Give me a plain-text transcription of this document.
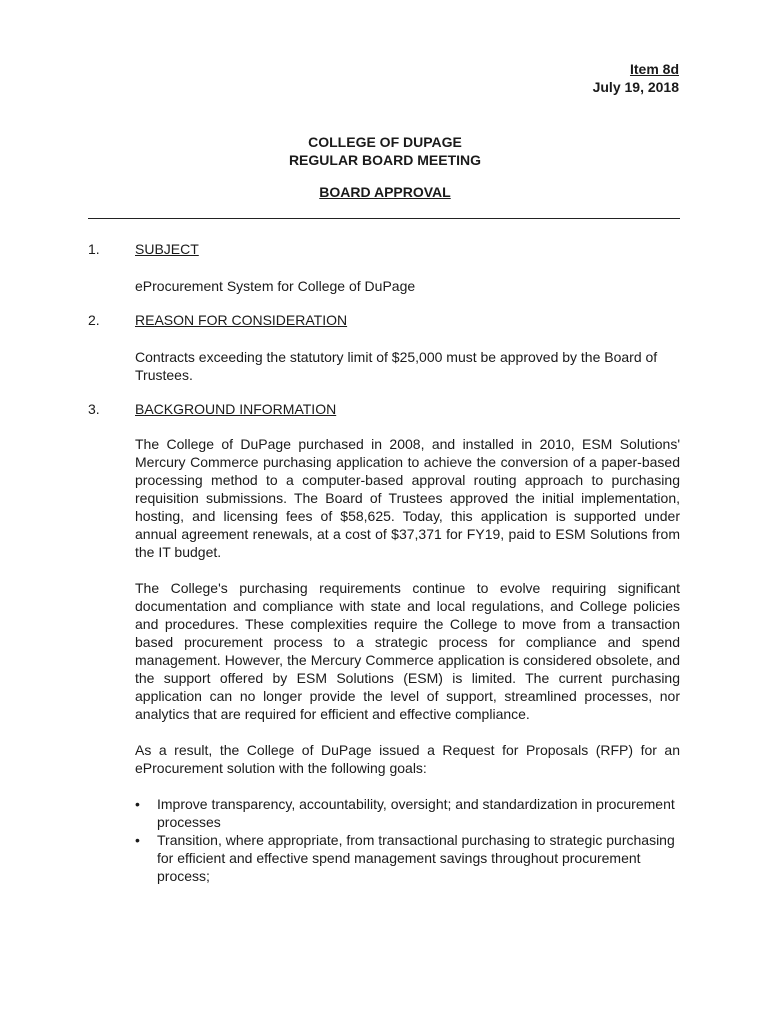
Item 8d
July 19, 2018
COLLEGE OF DUPAGE
REGULAR BOARD MEETING
BOARD APPROVAL
1.	SUBJECT
eProcurement System for College of DuPage
2.	REASON FOR CONSIDERATION
Contracts exceeding the statutory limit of $25,000 must be approved by the Board of Trustees.
3.	BACKGROUND INFORMATION

The College of DuPage purchased in 2008, and installed in 2010, ESM Solutions' Mercury Commerce purchasing application to achieve the conversion of a paper-based processing method to a computer-based approval routing approach to purchasing requisition submissions. The Board of Trustees approved the initial implementation, hosting, and licensing fees of $58,625. Today, this application is supported under annual agreement renewals, at a cost of $37,371 for FY19, paid to ESM Solutions from the IT budget.

The College's purchasing requirements continue to evolve requiring significant documentation and compliance with state and local regulations, and College policies and procedures. These complexities require the College to move from a transaction based procurement process to a strategic process for compliance and spend management. However, the Mercury Commerce application is considered obsolete, and the support offered by ESM Solutions (ESM) is limited. The current purchasing application can no longer provide the level of support, streamlined processes, nor analytics that are required for efficient and effective compliance.

As a result, the College of DuPage issued a Request for Proposals (RFP) for an eProcurement solution with the following goals:

• Improve transparency, accountability, oversight; and standardization in procurement processes
• Transition, where appropriate, from transactional purchasing to strategic purchasing for efficient and effective spend management savings throughout procurement process;
